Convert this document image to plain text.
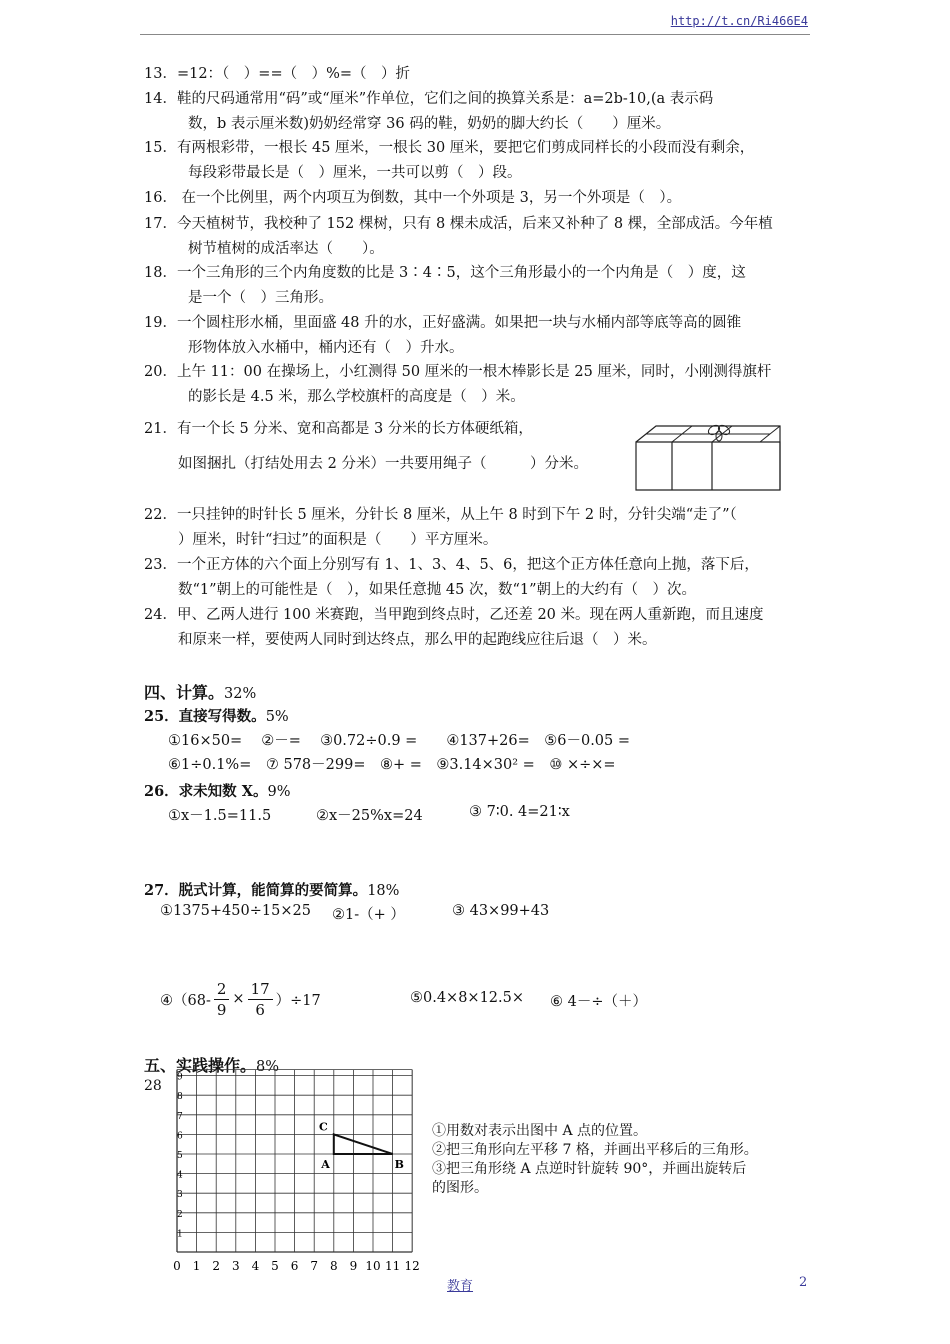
http://t.cn/Ri466E4
13．=12：（　）==（　）%=（　）折
14．鞋的尺码通常用“码”或“厘米”作单位，它们之间的换算关系是：a=2b-10,(a 表示码
数，b 表示厘米数)奶奶经常穿 36 码的鞋，奶奶的脚大约长（　　）厘米。
15．有两根彩带，一根长 45 厘米，一根长 30 厘米，要把它们剪成同样长的小段而没有剩余，
每段彩带最长是（　）厘米，一共可以剪（　）段。
16． 在一个比例里，两个内项互为倒数，其中一个外项是 3，另一个外项是（　）。
17．今天植树节，我校种了 152 棵树，只有 8 棵未成活，后来又补种了 8 棵，全部成活。今年植
树节植树的成活率达（　　）。
18．一个三角形的三个内角度数的比是 3∶4∶5，这个三角形最小的一个内角是（　）度，这
是一个（　）三角形。
19．一个圆柱形水桶，里面盛 48 升的水，正好盛满。如果把一块与水桶内部等底等高的圆锥
形物体放入水桶中，桶内还有（　）升水。
20．上午 11：00 在操场上，小红测得 50 厘米的一根木棒影长是 25 厘米，同时，小刚测得旗杆
的影长是 4.5 米，那么学校旗杆的高度是（　）米。
21．有一个长 5 分米、宽和高都是 3 分米的长方体硬纸箱，
如图捆扎（打结处用去 2 分米）一共要用绳子（　　　）分米。
22．一只挂钟的时针长 5 厘米，分针长 8 厘米，从上午 8 时到下午 2 时，分针尖端“走了”（
）厘米，时针“扫过”的面积是（　　）平方厘米。
23．一个正方体的六个面上分别写有 1、1、3、4、5、6，把这个正方体任意向上抛，落下后，
数“1”朝上的可能性是（　），如果任意抛 45 次，数“1”朝上的大约有（　）次。
24．甲、乙两人进行 100 米赛跑，当甲跑到终点时，乙还差 20 米。现在两人重新跑，而且速度
和原来一样，要使两人同时到达终点，那么甲的起跑线应往后退（　）米。
四、计算。32%
25．直接写得数。5%
①16×50=　 ②－=　 ③0.72÷0.9 =　　④137+26=　⑤6－0.05 =
⑥1÷0.1%=　⑦ 578－299=　⑧+ =　⑨3.14×30² =　⑩ ×÷×=
26．求未知数 X。9%
①x－1.5=11.5	②x－25%x=24	③ 7∶0. 4=21∶x
27．脱式计算，能简算的要简算。18%
①1375+450÷15×25 ②1-（+ ）	③ 43×99+43
④（68- $\frac{2}{9} \times \frac{17}{6} )\div 17$	⑤0.4×8×12.5× ⑥ 4－÷（＋）
五、实践操作。8%
28
0 1 2 3 4 5 6 7 8 9 10 11 12
1
2
3
4
5
6
7
8
9
C
A	B
①用数对表示出图中 A 点的位置。
②把三角形向左平移 7 格，并画出平移后的三角形。
③把三角形绕 A 点逆时针旋转 90°，并画出旋转后
的图形。
教育	2
